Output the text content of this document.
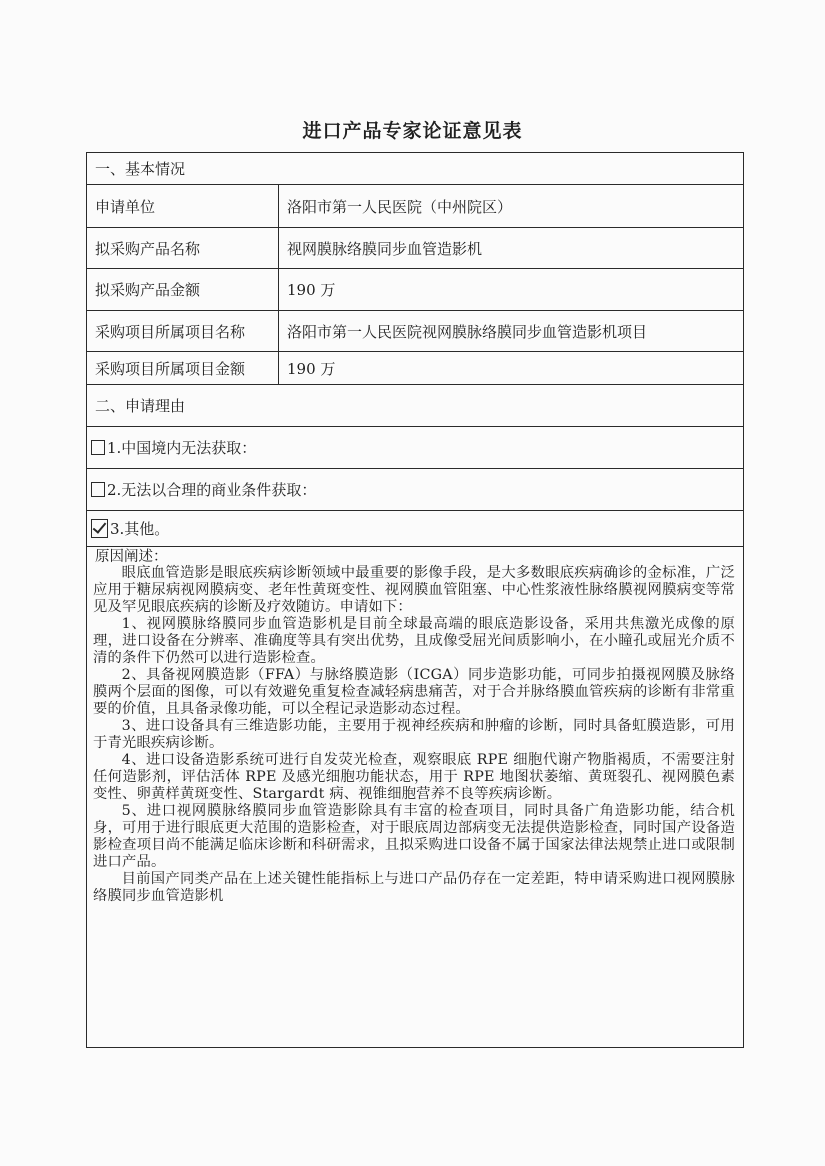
进口产品专家论证意见表
一、基本情况
申请单位	洛阳市第一人民医院（中州院区）
拟采购产品名称	视网膜脉络膜同步血管造影机
拟采购产品金额	190 万
采购项目所属项目名称	洛阳市第一人民医院视网膜脉络膜同步血管造影机项目
采购项目所属项目金额	190 万
二、申请理由
1.中国境内无法获取：
2.无法以合理的商业条件获取：
3.其他。
原因阐述：

眼底血管造影是眼底疾病诊断领域中最重要的影像手段，是大多数眼底疾病确诊的金标准，广泛应用于糖尿病视网膜病变、老年性黄斑变性、视网膜血管阻塞、中心性浆液性脉络膜视网膜病变等常见及罕见眼底疾病的诊断及疗效随访。申请如下：

1、视网膜脉络膜同步血管造影机是目前全球最高端的眼底造影设备，采用共焦激光成像的原理，进口设备在分辨率、准确度等具有突出优势，且成像受屈光间质影响小，在小瞳孔或屈光介质不清的条件下仍然可以进行造影检查。

2、具备视网膜造影（FFA）与脉络膜造影（ICGA）同步造影功能，可同步拍摄视网膜及脉络膜两个层面的图像，可以有效避免重复检查减轻病患痛苦，对于合并脉络膜血管疾病的诊断有非常重要的价值，且具备录像功能，可以全程记录造影动态过程。

3、进口设备具有三维造影功能，主要用于视神经疾病和肿瘤的诊断，同时具备虹膜造影，可用于青光眼疾病诊断。

4、进口设备造影系统可进行自发荧光检查，观察眼底 RPE 细胞代谢产物脂褐质，不需要注射任何造影剂，评估活体 RPE 及感光细胞功能状态，用于 RPE 地图状萎缩、黄斑裂孔、视网膜色素变性、卵黄样黄斑变性、Stargardt 病、视锥细胞营养不良等疾病诊断。

5、进口视网膜脉络膜同步血管造影除具有丰富的检查项目，同时具备广角造影功能，结合机身，可用于进行眼底更大范围的造影检查，对于眼底周边部病变无法提供造影检查，同时国产设备造影检查项目尚不能满足临床诊断和科研需求，且拟采购进口设备不属于国家法律法规禁止进口或限制进口产品。

目前国产同类产品在上述关键性能指标上与进口产品仍存在一定差距，特申请采购进口视网膜脉络膜同步血管造影机
